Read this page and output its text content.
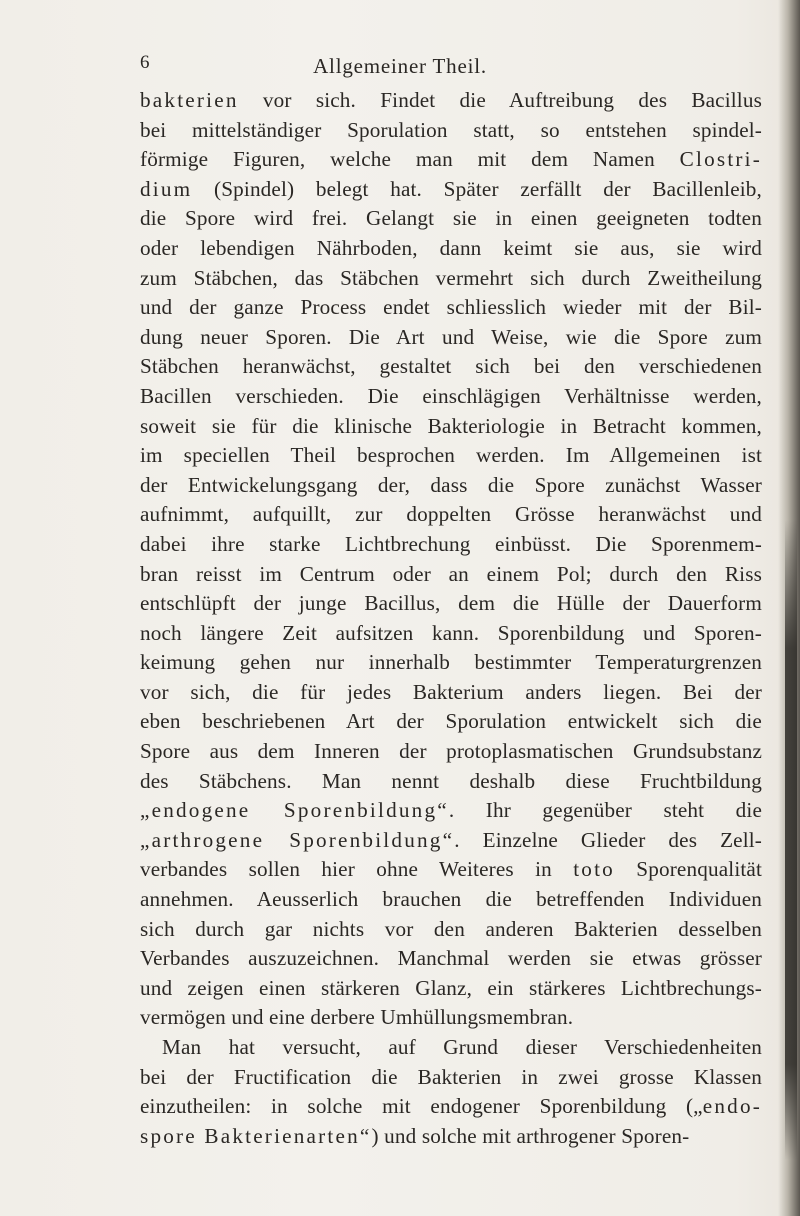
6	Allgemeiner Theil.
bakterien vor sich. Findet die Auftreibung des Bacillus
bei mittelständiger Sporulation statt, so entstehen spindel-
förmige Figuren, welche man mit dem Namen Clostri-
dium (Spindel) belegt hat. Später zerfällt der Bacillenleib,
die Spore wird frei. Gelangt sie in einen geeigneten todten
oder lebendigen Nährboden, dann keimt sie aus, sie wird
zum Stäbchen, das Stäbchen vermehrt sich durch Zweitheilung
und der ganze Process endet schliesslich wieder mit der Bil-
dung neuer Sporen. Die Art und Weise, wie die Spore zum
Stäbchen heranwächst, gestaltet sich bei den verschiedenen
Bacillen verschieden. Die einschlägigen Verhältnisse werden,
soweit sie für die klinische Bakteriologie in Betracht kommen,
im speciellen Theil besprochen werden. Im Allgemeinen ist
der Entwickelungsgang der, dass die Spore zunächst Wasser
aufnimmt, aufquillt, zur doppelten Grösse heranwächst und
dabei ihre starke Lichtbrechung einbüsst. Die Sporenmem-
bran reisst im Centrum oder an einem Pol; durch den Riss
entschlüpft der junge Bacillus, dem die Hülle der Dauerform
noch längere Zeit aufsitzen kann. Sporenbildung und Sporen-
keimung gehen nur innerhalb bestimmter Temperaturgrenzen
vor sich, die für jedes Bakterium anders liegen. Bei der
eben beschriebenen Art der Sporulation entwickelt sich die
Spore aus dem Inneren der protoplasmatischen Grundsubstanz
des Stäbchens. Man nennt deshalb diese Fruchtbildung
„endogene Sporenbildung“. Ihr gegenüber steht die
„arthrogene Sporenbildung“. Einzelne Glieder des Zell-
verbandes sollen hier ohne Weiteres in toto Sporenqualität
annehmen. Aeusserlich brauchen die betreffenden Individuen
sich durch gar nichts vor den anderen Bakterien desselben
Verbandes auszuzeichnen. Manchmal werden sie etwas grösser
und zeigen einen stärkeren Glanz, ein stärkeres Lichtbrechungs-
vermögen und eine derbere Umhüllungsmembran.
Man hat versucht, auf Grund dieser Verschiedenheiten
bei der Fructification die Bakterien in zwei grosse Klassen
einzutheilen: in solche mit endogener Sporenbildung („endo-
spore Bakterienarten“) und solche mit arthrogener Sporen-
